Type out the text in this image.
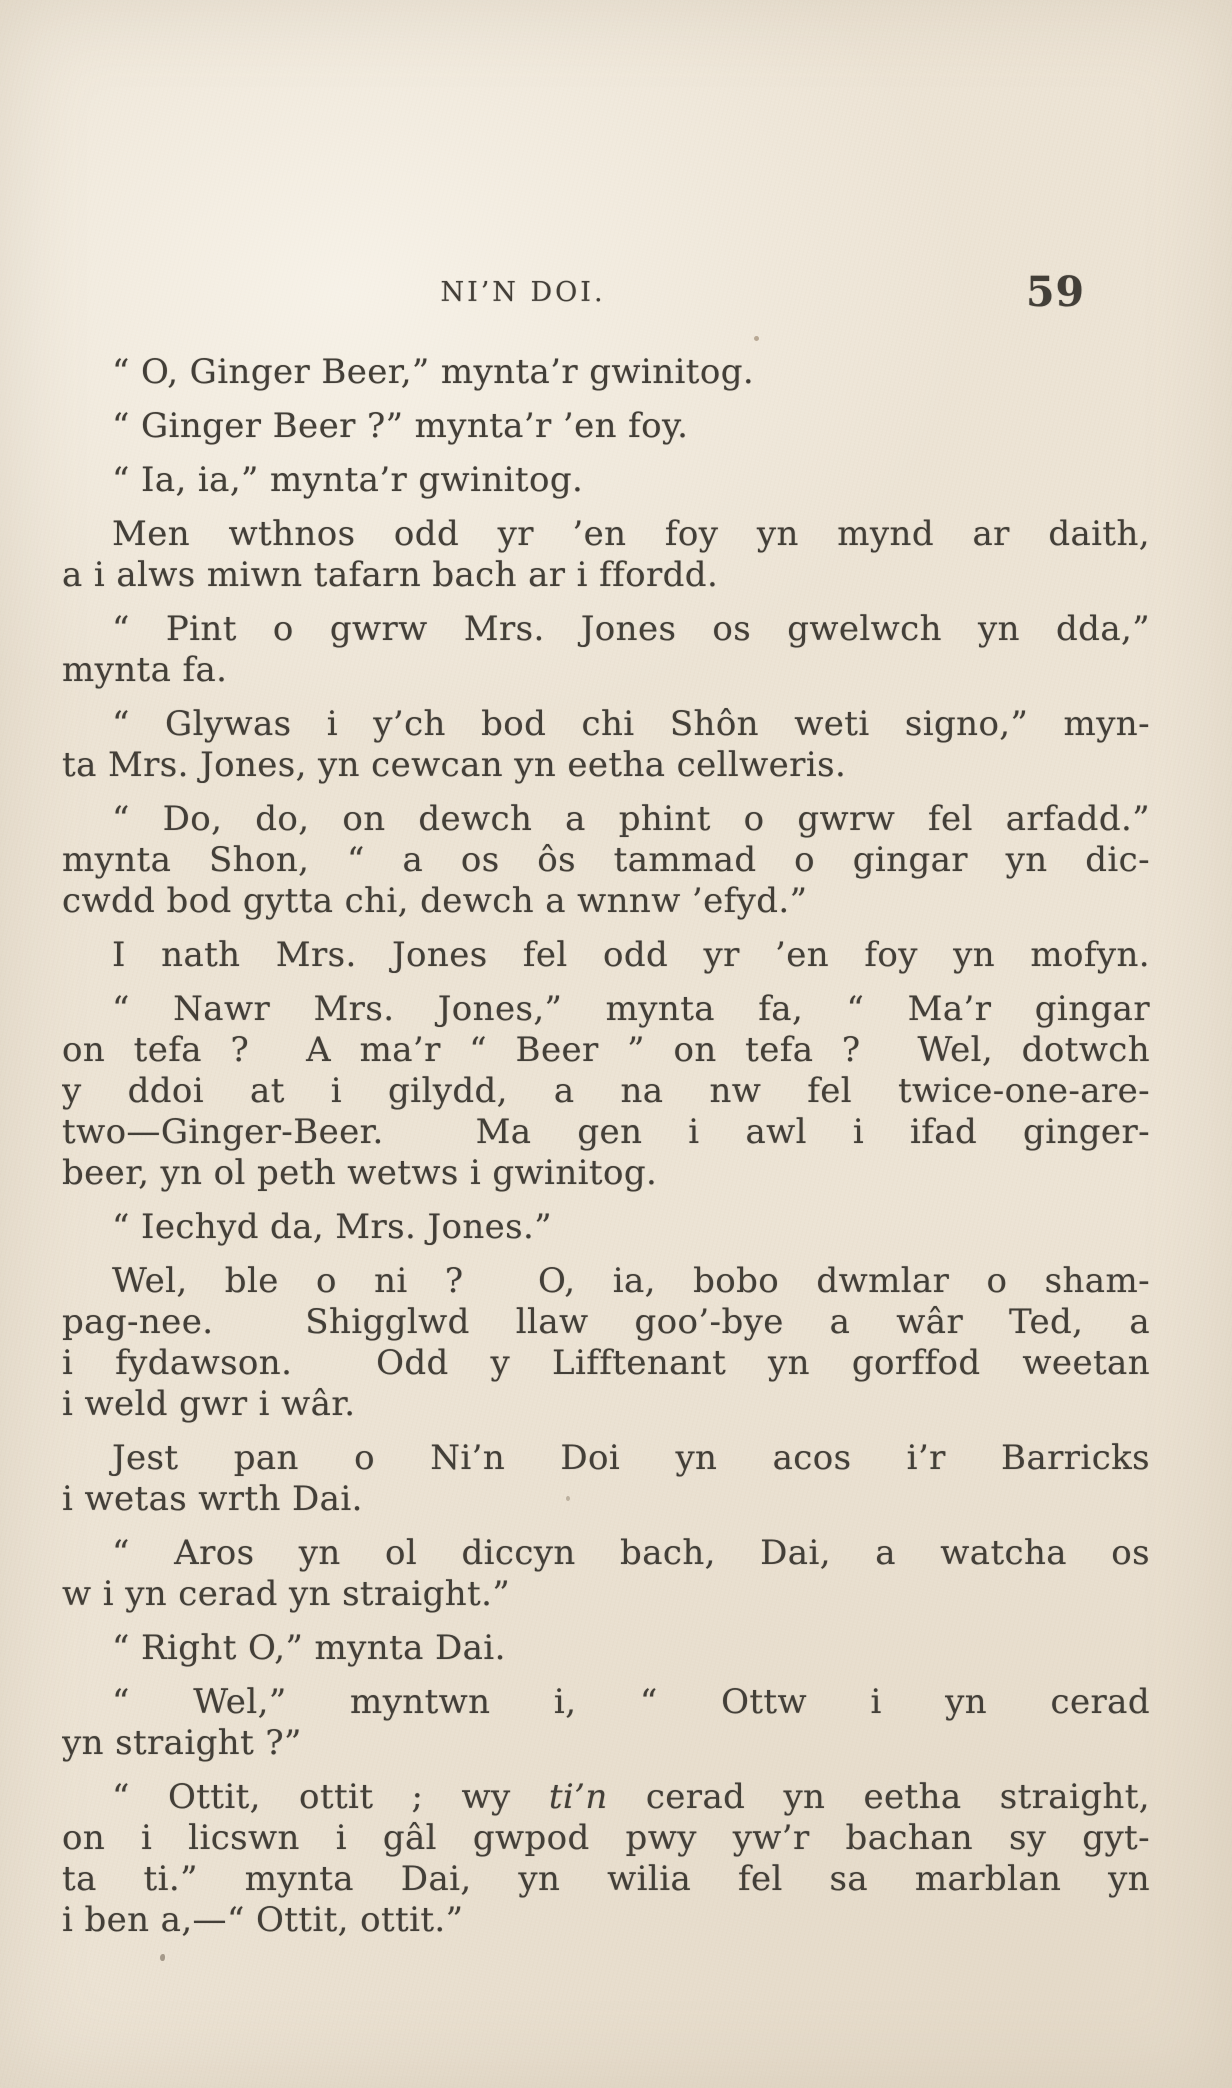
NI’N DOI.	59
“ O, Ginger Beer,” mynta’r gwinitog.
“ Ginger Beer ?” mynta’r ’en foy.
“ Ia, ia,” mynta’r gwinitog.
Men wthnos odd yr ’en foy yn mynd ar daith,
a i alws miwn tafarn bach ar i ffordd.
“ Pint o gwrw Mrs. Jones os gwelwch yn dda,”
mynta fa.
“ Glywas i y’ch bod chi Shôn weti signo,” myn-
ta Mrs. Jones, yn cewcan yn eetha cellweris.
“ Do, do, on dewch a phint o gwrw fel arfadd.”
mynta Shon, “ a os ôs tammad o gingar yn dic-
cwdd bod gytta chi, dewch a wnnw ’efyd.”
I nath Mrs. Jones fel odd yr ’en foy yn mofyn.
“ Nawr Mrs. Jones,” mynta fa, “ Ma’r gingar
on tefa ?  A ma’r “ Beer ” on tefa ?  Wel, dotwch
y ddoi at i gilydd, a na nw fel twice-one-are-
two—Ginger-Beer.  Ma gen i awl i ifad ginger-
beer, yn ol peth wetws i gwinitog.
“ Iechyd da, Mrs. Jones.”
Wel, ble o ni ?  O, ia, bobo dwmlar o sham-
pag-nee.  Shigglwd llaw goo’-bye a wâr Ted, a
i fydawson.  Odd y Lifftenant yn gorffod weetan
i weld gwr i wâr.
Jest pan o Ni’n Doi yn acos i’r Barricks
i wetas wrth Dai.
“ Aros yn ol diccyn bach, Dai, a watcha os
w i yn cerad yn straight.”
“ Right O,” mynta Dai.
“ Wel,” myntwn i, “ Ottw i yn cerad
yn straight ?”
“ Ottit, ottit ; wy ti’n cerad yn eetha straight,
on i licswn i gâl gwpod pwy yw’r bachan sy gyt-
ta ti.” mynta Dai, yn wilia fel sa marblan yn
i ben a,—“ Ottit, ottit.”
